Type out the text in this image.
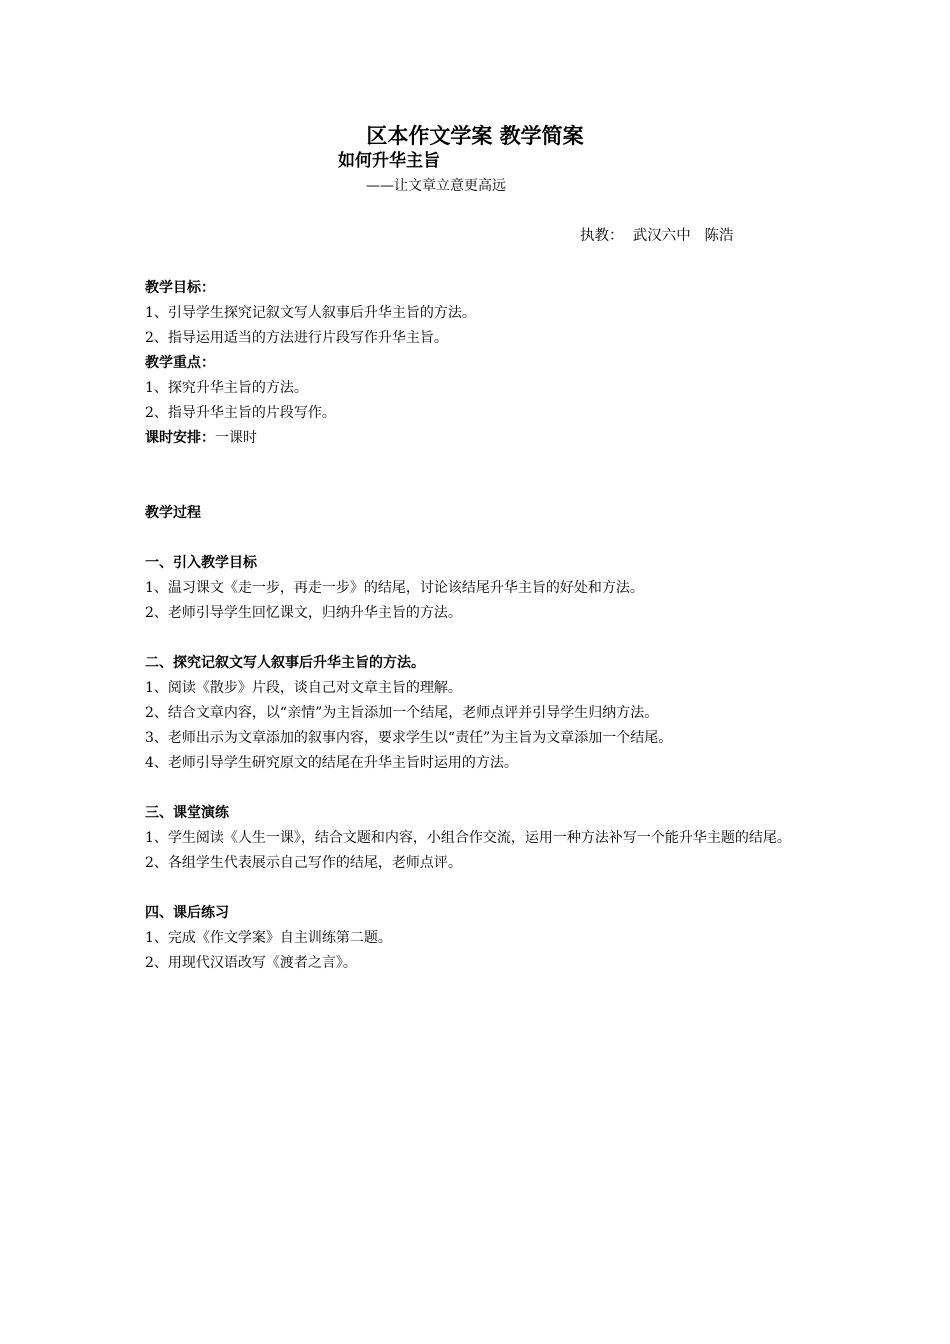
区本作文学案 教学简案
如何升华主旨

——让文章立意更高远

执教：  武汉六中   陈浩

教学目标：

1、引导学生探究记叙文写人叙事后升华主旨的方法。

2、指导运用适当的方法进行片段写作升华主旨。

教学重点：

1、探究升华主旨的方法。

2、指导升华主旨的片段写作。

课时安排：一课时

教学过程

一、引入教学目标

1、温习课文《走一步，再走一步》的结尾，讨论该结尾升华主旨的好处和方法。

2、老师引导学生回忆课文，归纳升华主旨的方法。

二、探究记叙文写人叙事后升华主旨的方法。

1、阅读《散步》片段，谈自己对文章主旨的理解。

2、结合文章内容，以“亲情”为主旨添加一个结尾，老师点评并引导学生归纳方法。

3、老师出示为文章添加的叙事内容，要求学生以“责任”为主旨为文章添加一个结尾。

4、老师引导学生研究原文的结尾在升华主旨时运用的方法。

三、课堂演练

1、学生阅读《人生一课》，结合文题和内容，小组合作交流，运用一种方法补写一个能升华主题的结尾。

2、各组学生代表展示自己写作的结尾，老师点评。

四、课后练习

1、完成《作文学案》自主训练第二题。

2、用现代汉语改写《渡者之言》。
